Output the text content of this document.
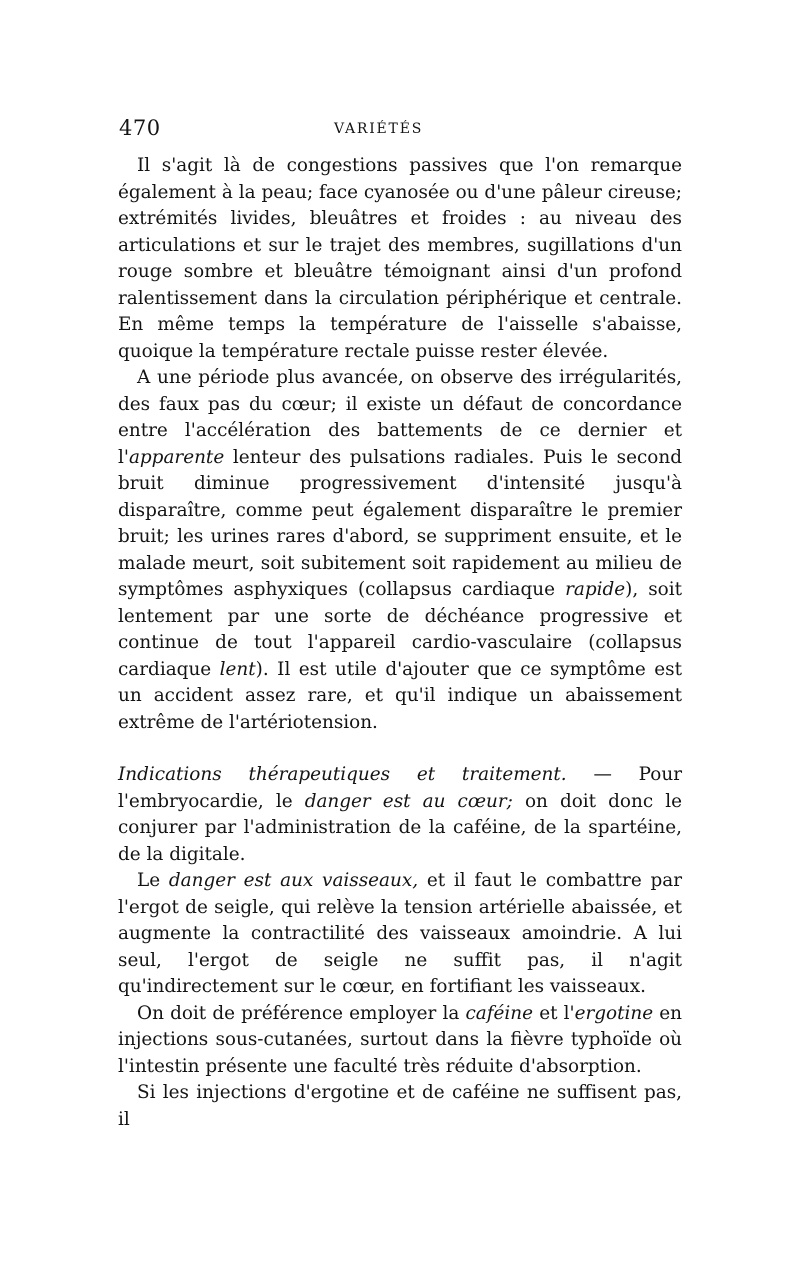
470	VARIÉTÉS

Il s'agit là de congestions passives que l'on remarque également à la peau; face cyanosée ou d'une pâleur cireuse; extrémités livides, bleuâtres et froides : au niveau des articulations et sur le trajet des membres, sugillations d'un rouge sombre et bleuâtre témoignant ainsi d'un profond ralentissement dans la circulation périphérique et centrale. En même temps la température de l'aisselle s'abaisse, quoique la température rectale puisse rester élevée.

A une période plus avancée, on observe des irrégularités, des faux pas du cœur; il existe un défaut de concordance entre l'accélération des battements de ce dernier et l'apparente lenteur des pulsations radiales. Puis le second bruit diminue progressivement d'intensité jusqu'à disparaître, comme peut également disparaître le premier bruit; les urines rares d'abord, se suppriment ensuite, et le malade meurt, soit subitement soit rapidement au milieu de symptômes asphyxiques (collapsus cardiaque rapide), soit lentement par une sorte de déchéance progressive et continue de tout l'appareil cardio-vasculaire (collapsus cardiaque lent). Il est utile d'ajouter que ce symptôme est un accident assez rare, et qu'il indique un abaissement extrême de l'artériotension.

Indications thérapeutiques et traitement. — Pour l'embryocardie, le danger est au cœur; on doit donc le conjurer par l'administration de la caféine, de la spartéine, de la digitale.

Le danger est aux vaisseaux, et il faut le combattre par l'ergot de seigle, qui relève la tension artérielle abaissée, et augmente la contractilité des vaisseaux amoindrie. A lui seul, l'ergot de seigle ne suffit pas, il n'agit qu'indirectement sur le cœur, en fortifiant les vaisseaux.

On doit de préférence employer la caféine et l'ergotine en injections sous-cutanées, surtout dans la fièvre typhoïde où l'intestin présente une faculté très réduite d'absorption.

Si les injections d'ergotine et de caféine ne suffisent pas, il
